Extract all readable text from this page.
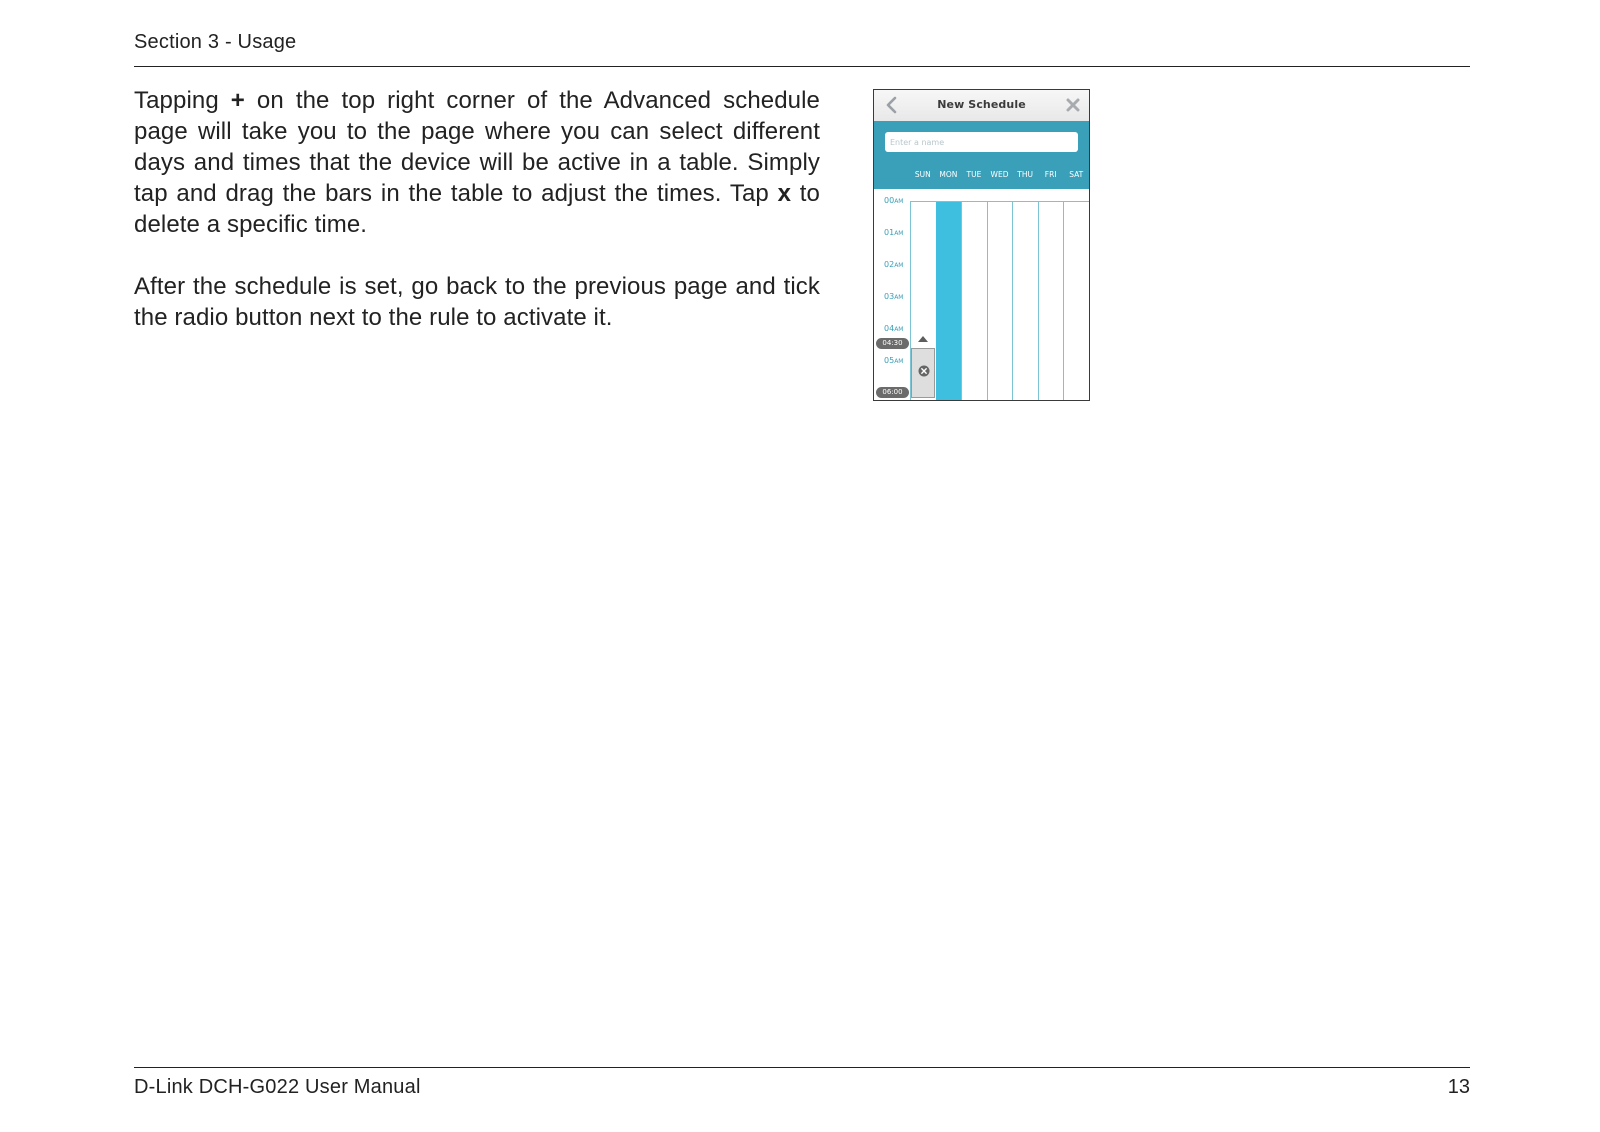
Section 3 - Usage

Tapping + on the top right corner of the Advanced schedule page will take you to the page where you can select different days and times that the device will be active in a table. Simply tap and drag the bars in the table to adjust the times. Tap x to delete a specific time.

After the schedule is set, go back to the previous page and tick the radio button next to the rule to activate it.

New Schedule
Enter a name
SUN	MON	TUE	WED	THU	FRI	SAT
00AM
01AM
02AM
03AM
04AM
04:30
05AM
06:00
D-Link DCH-G022 User Manual	13
